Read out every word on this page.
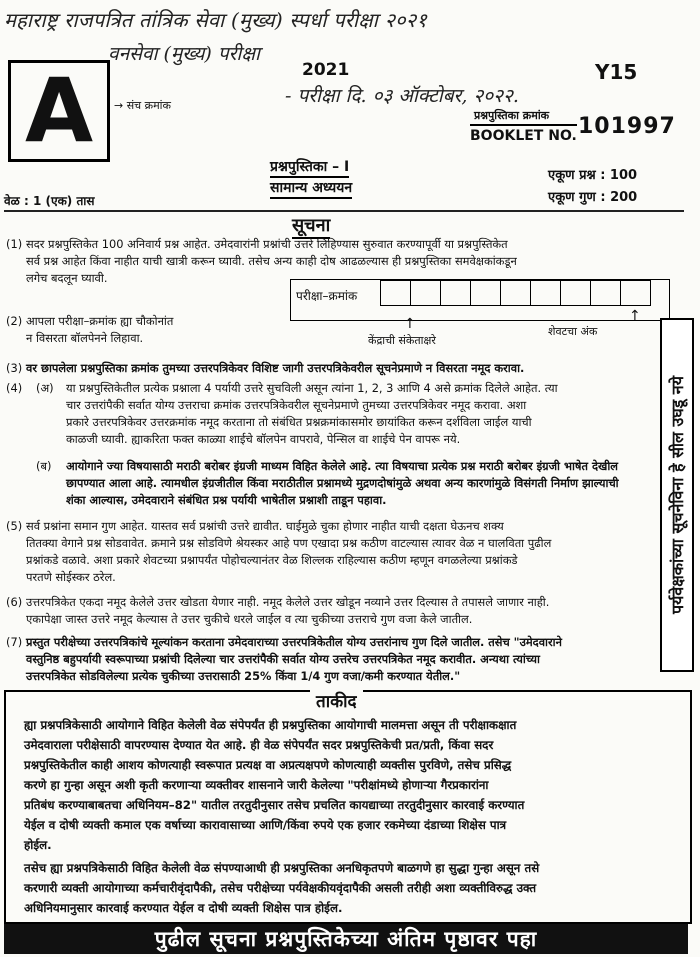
महाराष्ट्र राजपत्रित तांत्रिक सेवा (मुख्य) स्पर्धा परीक्षा २०२१
वनसेवा (मुख्य) परीक्षा
- परीक्षा दि. ०३ ऑक्टोबर, २०२२.
2021	Y15
A	→ संच क्रमांक
प्रश्नपुस्तिका क्रमांक
BOOKLET NO. 101997
प्रश्नपुस्तिका – I
सामान्य अध्ययन
एकूण प्रश्न : 100
एकूण गुण : 200
वेळ : 1 (एक) तास
सूचना
(1) सदर प्रश्नपुस्तिकेत 100 अनिवार्य प्रश्न आहेत. उमेदवारांनी प्रश्नांची उत्तरे लिहिण्यास सुरुवात करण्यापूर्वी या प्रश्नपुस्तिकेत
सर्व प्रश्न आहेत किंवा नाहीत याची खात्री करून घ्यावी. तसेच अन्य काही दोष आढळल्यास ही प्रश्नपुस्तिका समवेक्षकांकडून
लगेच बदलून घ्यावी.
(2) आपला परीक्षा–क्रमांक ह्या चौकोनांत
न विसरता बॉलपेनने लिहावा.
परीक्षा–क्रमांक
↑	↑
केंद्राची संकेताक्षरे
शेवटचा अंक
(3) वर छापलेला प्रश्नपुस्तिका क्रमांक तुमच्या उत्तरपत्रिकेवर विशिष्ट जागी उत्तरपत्रिकेवरील सूचनेप्रमाणे न विसरता नमूद करावा.
(4) (अ) या प्रश्नपुस्तिकेतील प्रत्येक प्रश्नाला 4 पर्यायी उत्तरे सुचविली असून त्यांना 1, 2, 3 आणि 4 असे क्रमांक दिलेले आहेत. त्या
चार उत्तरांपैकी सर्वात योग्य उत्तराचा क्रमांक उत्तरपत्रिकेवरील सूचनेप्रमाणे तुमच्या उत्तरपत्रिकेवर नमूद करावा. अशा
प्रकारे उत्तरपत्रिकेवर उत्तरक्रमांक नमूद करताना तो संबंधित प्रश्नक्रमांकासमोर छायांकित करून दर्शविला जाईल याची
काळजी घ्यावी. ह्याकरिता फक्त काळ्या शाईचे बॉलपेन वापरावे, पेन्सिल वा शाईचे पेन वापरू नये.
(ब) आयोगाने ज्या विषयासाठी मराठी बरोबर इंग्रजी माध्यम विहित केलेले आहे. त्या विषयाचा प्रत्येक प्रश्न मराठी बरोबर इंग्रजी भाषेत देखील
छापण्यात आला आहे. त्यामधील इंग्रजीतील किंवा मराठीतील प्रश्नामध्ये मुद्रणदोषांमुळे अथवा अन्य कारणांमुळे विसंगती निर्माण झाल्याची
शंका आल्यास, उमेदवाराने संबंधित प्रश्न पर्यायी भाषेतील प्रश्नाशी ताडून पहावा.
(5) सर्व प्रश्नांना समान गुण आहेत. यास्तव सर्व प्रश्नांची उत्तरे द्यावीत. घाईमुळे चुका होणार नाहीत याची दक्षता घेऊनच शक्य
तितक्या वेगाने प्रश्न सोडवावेत. क्रमाने प्रश्न सोडविणे श्रेयस्कर आहे पण एखादा प्रश्न कठीण वाटल्यास त्यावर वेळ न घालविता पुढील
प्रश्नांकडे वळावे. अशा प्रकारे शेवटच्या प्रश्नापर्यंत पोहोचल्यानंतर वेळ शिल्लक राहिल्यास कठीण म्हणून वगळलेल्या प्रश्नांकडे
परतणे सोईस्कर ठरेल.
(6) उत्तरपत्रिकेत एकदा नमूद केलेले उत्तर खोडता येणार नाही. नमूद केलेले उत्तर खोडून नव्याने उत्तर दिल्यास ते तपासले जाणार नाही.
एकापेक्षा जास्त उत्तरे नमूद केल्यास ते उत्तर चुकीचे धरले जाईल व त्या चुकीच्या उत्तराचे गुण वजा केले जातील.
(7) प्रस्तुत परीक्षेच्या उत्तरपत्रिकांचे मूल्यांकन करताना उमेदवाराच्या उत्तरपत्रिकेतील योग्य उत्तरांनाच गुण दिले जातील. तसेच "उमेदवाराने
वस्तुनिष्ठ बहुपर्यायी स्वरूपाच्या प्रश्नांची दिलेल्या चार उत्तरांपैकी सर्वात योग्य उत्तरेच उत्तरपत्रिकेत नमूद करावीत. अन्यथा त्यांच्या
उत्तरपत्रिकेत सोडविलेल्या प्रत्येक चुकीच्या उत्तरासाठी 25% किंवा 1/4 गुण वजा/कमी करण्यात येतील."
पर्यवेक्षकांच्या सूचनेविना हे सील उघडू नये
ताकीद
ह्या प्रश्नपत्रिकेसाठी आयोगाने विहित केलेली वेळ संपेपर्यंत ही प्रश्नपुस्तिका आयोगाची मालमत्ता असून ती परीक्षाकक्षात
उमेदवाराला परीक्षेसाठी वापरण्यास देण्यात येत आहे. ही वेळ संपेपर्यंत सदर प्रश्नपुस्तिकेची प्रत/प्रती, किंवा सदर
प्रश्नपुस्तिकेतील काही आशय कोणत्याही स्वरूपात प्रत्यक्ष वा अप्रत्यक्षपणे कोणत्याही व्यक्तीस पुरविणे, तसेच प्रसिद्ध
करणे हा गुन्हा असून अशी कृती करणाऱ्या व्यक्तीवर शासनाने जारी केलेल्या "परीक्षांमध्ये होणाऱ्या गैरप्रकारांना
प्रतिबंध करण्याबाबतचा अधिनियम–82" यातील तरतुदीनुसार तसेच प्रचलित कायद्याच्या तरतुदीनुसार कारवाई करण्यात
येईल व दोषी व्यक्ती कमाल एक वर्षाच्या कारावासाच्या आणि/किंवा रुपये एक हजार रकमेच्या दंडाच्या शिक्षेस पात्र
होईल.
तसेच ह्या प्रश्नपत्रिकेसाठी विहित केलेली वेळ संपण्याआधी ही प्रश्नपुस्तिका अनधिकृतपणे बाळगणे हा सुद्धा गुन्हा असून तसे
करणारी व्यक्ती आयोगाच्या कर्मचारीवृंदापैकी, तसेच परीक्षेच्या पर्यवेक्षकीयवृंदापैकी असली तरीही अशा व्यक्तीविरुद्ध उक्त
अधिनियमानुसार कारवाई करण्यात येईल व दोषी व्यक्ती शिक्षेस पात्र होईल.
पुढील सूचना प्रश्नपुस्तिकेच्या अंतिम पृष्ठावर पहा
